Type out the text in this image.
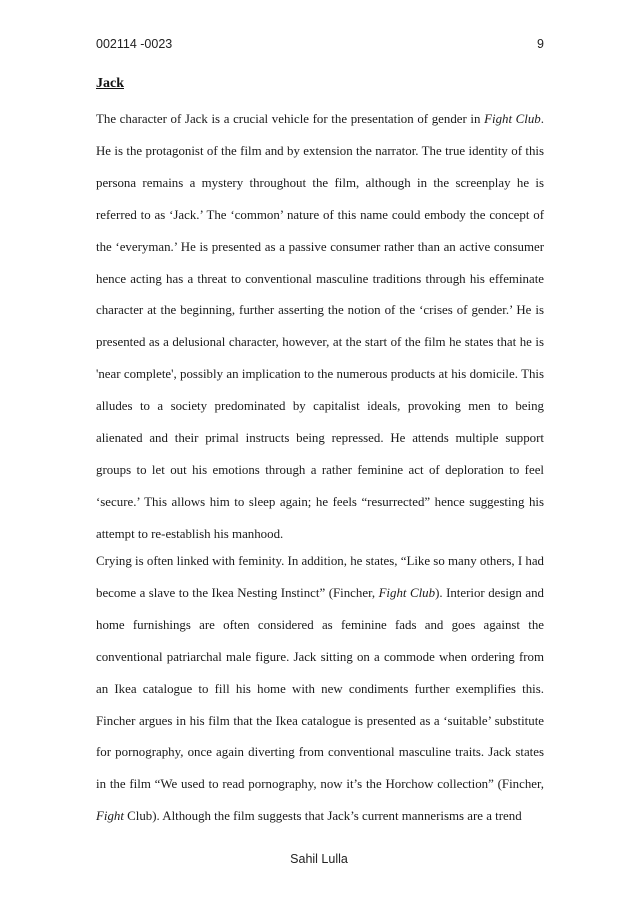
002114 -0023	9
Jack
The character of Jack is a crucial vehicle for the presentation of gender in Fight Club. He is the protagonist of the film and by extension the narrator. The true identity of this persona remains a mystery throughout the film, although in the screenplay he is referred to as ‘Jack.’ The ‘common’ nature of this name could embody the concept of the ‘everyman.’ He is presented as a passive consumer rather than an active consumer hence acting has a threat to conventional masculine traditions through his effeminate character at the beginning, further asserting the notion of the ‘crises of gender.’ He is presented as a delusional character, however, at the start of the film he states that he is 'near complete', possibly an implication to the numerous products at his domicile. This alludes to a society predominated by capitalist ideals, provoking men to being alienated and their primal instructs being repressed. He attends multiple support groups to let out his emotions through a rather feminine act of deploration to feel ‘secure.’ This allows him to sleep again; he feels “resurrected” hence suggesting his attempt to re-establish his manhood.
Crying is often linked with feminity. In addition, he states, “Like so many others, I had become a slave to the Ikea Nesting Instinct” (Fincher, Fight Club). Interior design and home furnishings are often considered as feminine fads and goes against the conventional patriarchal male figure. Jack sitting on a commode when ordering from an Ikea catalogue to fill his home with new condiments further exemplifies this. Fincher argues in his film that the Ikea catalogue is presented as a ‘suitable’ substitute for pornography, once again diverting from conventional masculine traits. Jack states in the film “We used to read pornography, now it’s the Horchow collection” (Fincher, Fight Club). Although the film suggests that Jack’s current mannerisms are a trend
Sahil Lulla
